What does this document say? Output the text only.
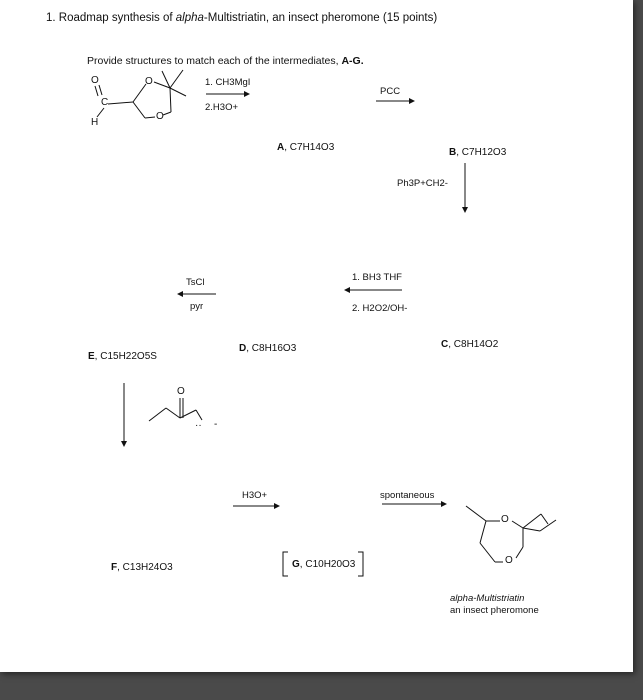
1. Roadmap synthesis of alpha-Multistriatin, an insect pheromone (15 points)
Provide structures to match each of the intermediates, A-G.
O
C
H
O
O
1. CH3MgI
2.H3O+
PCC
Ph3P+CH2-
1. BH3 THF
2. H2O2/OH-
TsCl
pyr
H3O+	spontaneous
A, C7H14O3	B, C7H12O3
C, C8H14O2
D, C8H16O3
E, C15H22O5S
F, C13H24O3	G, C10H20O3
O
·· -
O
O
alpha-Multistriatin
an insect pheromone
